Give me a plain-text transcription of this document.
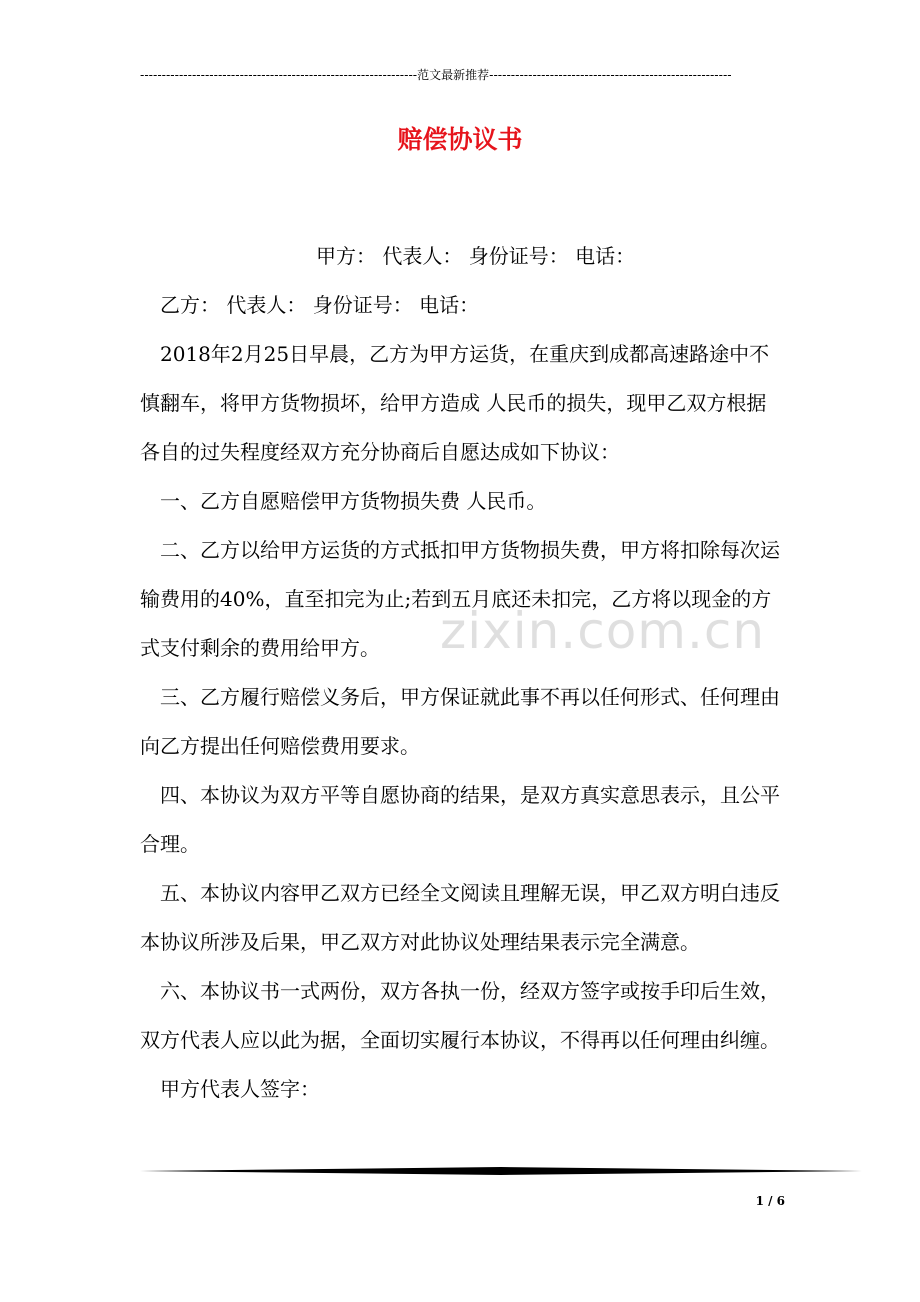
----------------------------------------------------------------范文最新推荐--------------------------------------------------------
赔偿协议书
zixin.com.cn

甲方： 代表人： 身份证号： 电话：

乙方： 代表人： 身份证号： 电话：

2018年2月25日早晨，乙方为甲方运货，在重庆到成都高速路途中不慎翻车，将甲方货物损坏，给甲方造成 人民币的损失，现甲乙双方根据各自的过失程度经双方充分协商后自愿达成如下协议：

一、乙方自愿赔偿甲方货物损失费 人民币。

二、乙方以给甲方运货的方式抵扣甲方货物损失费，甲方将扣除每次运输费用的40%，直至扣完为止;若到五月底还未扣完，乙方将以现金的方式支付剩余的费用给甲方。

三、乙方履行赔偿义务后，甲方保证就此事不再以任何形式、任何理由向乙方提出任何赔偿费用要求。

四、本协议为双方平等自愿协商的结果，是双方真实意思表示，且公平合理。

五、本协议内容甲乙双方已经全文阅读且理解无误，甲乙双方明白违反本协议所涉及后果，甲乙双方对此协议处理结果表示完全满意。

六、本协议书一式两份，双方各执一份，经双方签字或按手印后生效，双方代表人应以此为据，全面切实履行本协议，不得再以任何理由纠缠。

甲方代表人签字：

1 / 6
